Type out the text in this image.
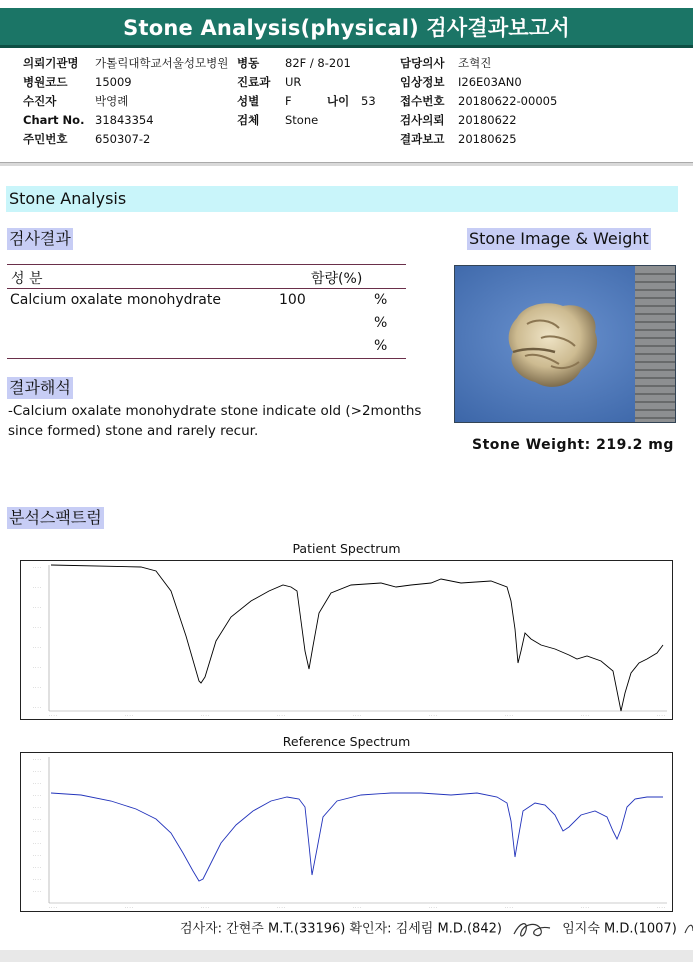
Stone Analysis(physical) 검사결과보고서
의뢰기관명 가톨릭대학교서울성모병원
병원코드 15009
수진자	박영례
Chart No. 31843354
주민번호 650307-2
병동 82F / 8-201
진료과 UR
성별 F	나이 53
검체 Stone
담당의사 조혁진
임상정보 I26E03AN0
접수번호 20180622-00005
검사의뢰 20180622
결과보고 20180625
Stone Analysis
검사결과	Stone Image & Weight
성 분	함량(%)
Calcium oxalate monohydrate	100	%
%
%
결과해석
-Calcium oxalate monohydrate stone indicate old (>2months since formed) stone and rarely recur.
Stone Weight: 219.2 mg
분석스팩트럼
Patient Spectrum
· · · ·
· · · ·
· · · ·
· · · ·
· · · ·
· · · ·
· · · ·
· · · ·
· · · ·	· · · ·	· · · ·	· · · ·	· · · ·	· · · ·	· · · ·	· · · ·	· · · ·
Reference Spectrum
· · · ·
· · · ·
· · · ·
· · · ·
· · · ·
· · · ·
· · · ·
· · · ·
· · · ·
· · · ·
· · · ·
· · · ·
· · · ·	· · · ·	· · · ·	· · · ·	· · · ·	· · · ·	· · · ·	· · · ·	· · · ·
검사자: 간현주 M.T.(33196) 확인자: 김세림 M.D.(842)	임지숙 M.D.(1007)
